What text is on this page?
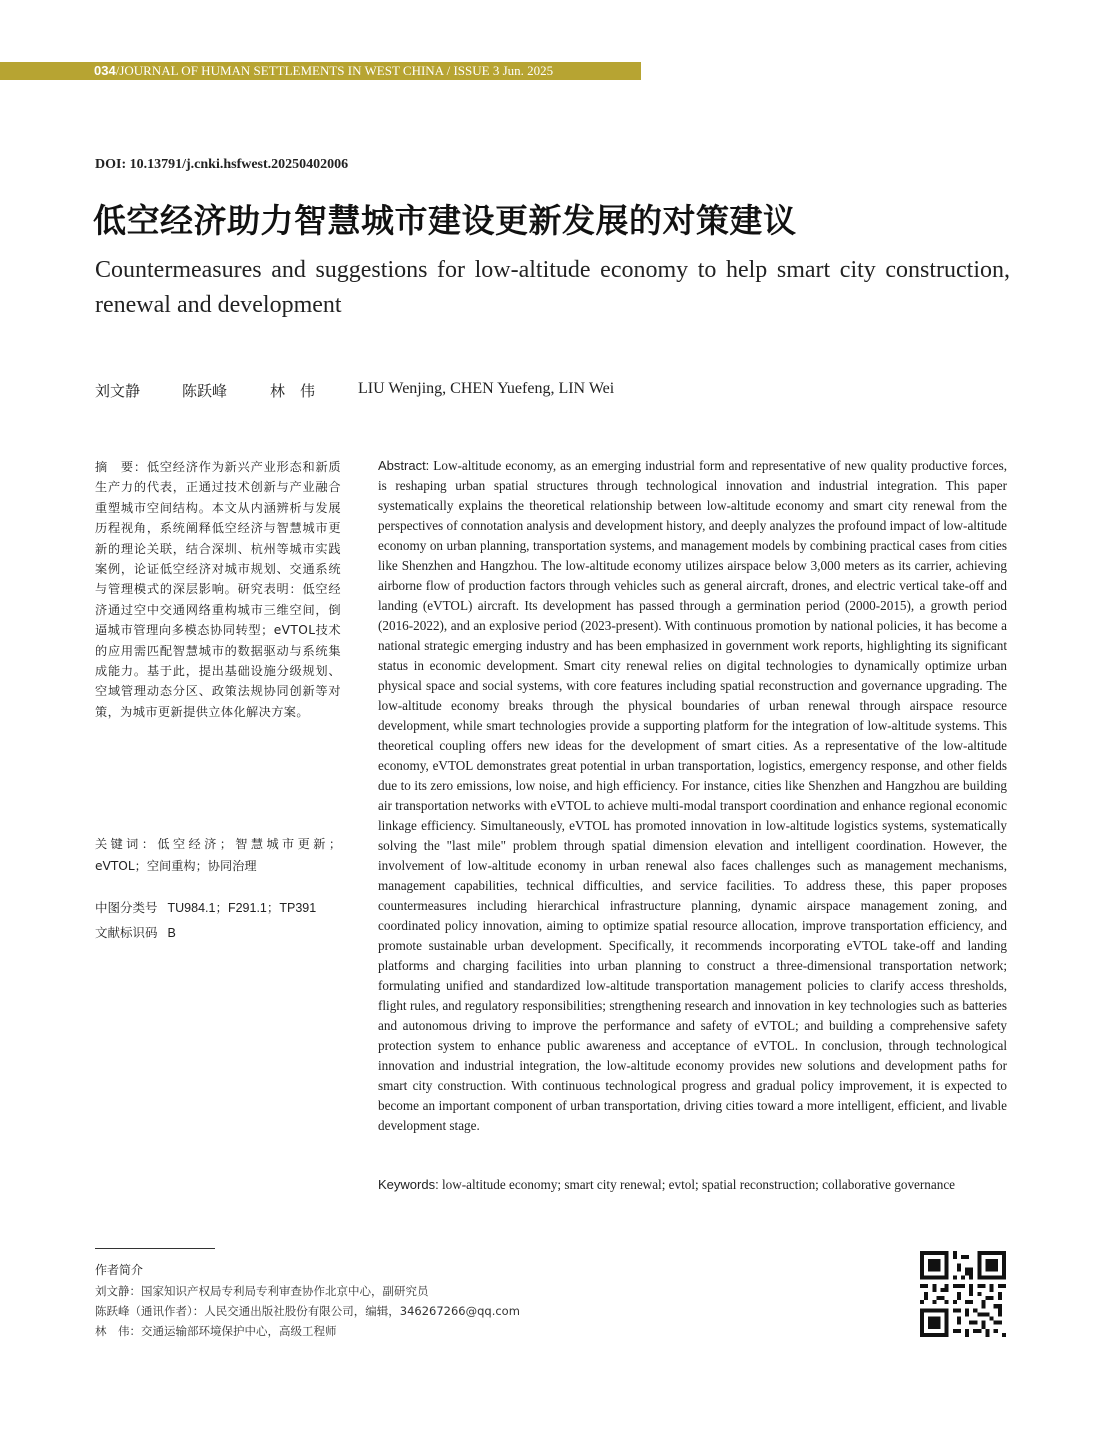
034/JOURNAL OF HUMAN SETTLEMENTS IN WEST CHINA / ISSUE 3 Jun. 2025
DOI: 10.13791/j.cnki.hsfwest.20250402006
低空经济助力智慧城市建设更新发展的对策建议
Countermeasures and suggestions for low-altitude economy to help smart city construction, renewal and development
刘文静	陈跃峰	林　伟	LIU Wenjing, CHEN Yuefeng, LIN Wei
摘　要：低空经济作为新兴产业形态和新质生产力的代表，正通过技术创新与产业融合重塑城市空间结构。本文从内涵辨析与发展历程视角，系统阐释低空经济与智慧城市更新的理论关联，结合深圳、杭州等城市实践案例，论证低空经济对城市规划、交通系统与管理模式的深层影响。研究表明：低空经济通过空中交通网络重构城市三维空间，倒逼城市管理向多模态协同转型；eVTOL技术的应用需匹配智慧城市的数据驱动与系统集成能力。基于此，提出基础设施分级规划、空域管理动态分区、政策法规协同创新等对策，为城市更新提供立体化解决方案。
关键词：低空经济；智慧城市更新；eVTOL；空间重构；协同治理
中图分类号 TU984.1；F291.1；TP391
文献标识码 B
Abstract: Low-altitude economy, as an emerging industrial form and representative of new quality productive forces, is reshaping urban spatial structures through technological innovation and industrial integration. This paper systematically explains the theoretical relationship between low-altitude economy and smart city renewal from the perspectives of connotation analysis and development history, and deeply analyzes the profound impact of low-altitude economy on urban planning, transportation systems, and management models by combining practical cases from cities like Shenzhen and Hangzhou. The low-altitude economy utilizes airspace below 3,000 meters as its carrier, achieving airborne flow of production factors through vehicles such as general aircraft, drones, and electric vertical take-off and landing (eVTOL) aircraft. Its development has passed through a germination period (2000-2015), a growth period (2016-2022), and an explosive period (2023-present). With continuous promotion by national policies, it has become a national strategic emerging industry and has been emphasized in government work reports, highlighting its significant status in economic development. Smart city renewal relies on digital technologies to dynamically optimize urban physical space and social systems, with core features including spatial reconstruction and governance upgrading. The low-altitude economy breaks through the physical boundaries of urban renewal through airspace resource development, while smart technologies provide a supporting platform for the integration of low-altitude systems. This theoretical coupling offers new ideas for the development of smart cities. As a representative of the low-altitude economy, eVTOL demonstrates great potential in urban transportation, logistics, emergency response, and other fields due to its zero emissions, low noise, and high efficiency. For instance, cities like Shenzhen and Hangzhou are building air transportation networks with eVTOL to achieve multi-modal transport coordination and enhance regional economic linkage efficiency. Simultaneously, eVTOL has promoted innovation in low-altitude logistics systems, systematically solving the "last mile" problem through spatial dimension elevation and intelligent coordination. However, the involvement of low-altitude economy in urban renewal also faces challenges such as management mechanisms, management capabilities, technical difficulties, and service facilities. To address these, this paper proposes countermeasures including hierarchical infrastructure planning, dynamic airspace management zoning, and coordinated policy innovation, aiming to optimize spatial resource allocation, improve transportation efficiency, and promote sustainable urban development. Specifically, it recommends incorporating eVTOL take-off and landing platforms and charging facilities into urban planning to construct a three-dimensional transportation network; formulating unified and standardized low-altitude transportation management policies to clarify access thresholds, flight rules, and regulatory responsibilities; strengthening research and innovation in key technologies such as batteries and autonomous driving to improve the performance and safety of eVTOL; and building a comprehensive safety protection system to enhance public awareness and acceptance of eVTOL. In conclusion, through technological innovation and industrial integration, the low-altitude economy provides new solutions and development paths for smart city construction. With continuous technological progress and gradual policy improvement, it is expected to become an important component of urban transportation, driving cities toward a more intelligent, efficient, and livable development stage.
Keywords: low-altitude economy; smart city renewal; evtol; spatial reconstruction; collaborative governance
作者简介
刘文静：国家知识产权局专利局专利审查协作北京中心，副研究员
陈跃峰（通讯作者）：人民交通出版社股份有限公司，编辑，346267266@qq.com
林　伟：交通运输部环境保护中心，高级工程师
